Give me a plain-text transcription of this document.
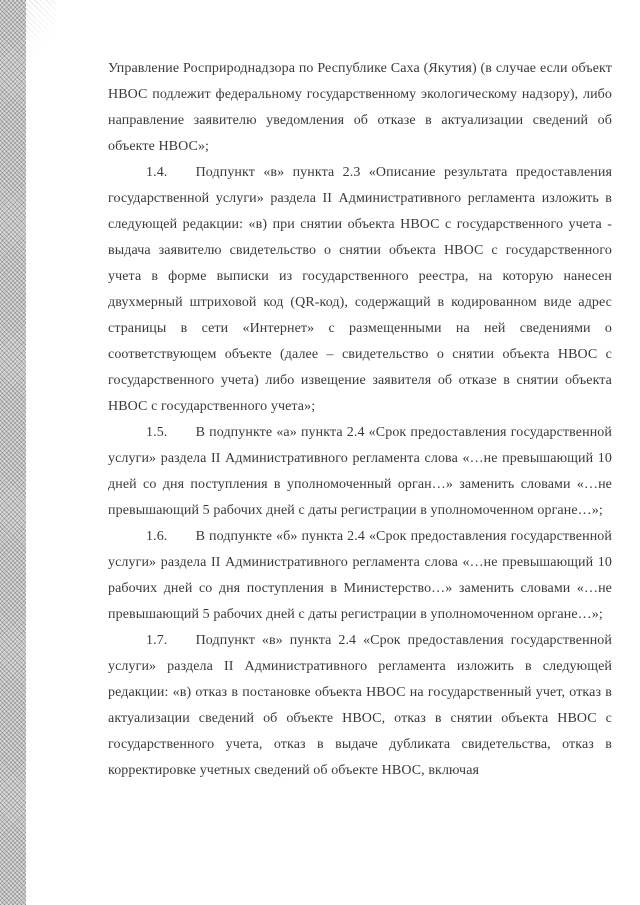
Управление Росприроднадзора по Республике Саха (Якутия) (в случае если объект НВОС подлежит федеральному государственному экологическому надзору), либо направление заявителю уведомления об отказе в актуализации сведений об объекте НВОС»;

1.4.  Подпункт «в» пункта 2.3 «Описание результата предоставления государственной услуги» раздела II Административного регламента изложить в следующей редакции: «в) при снятии объекта НВОС с государственного учета - выдача заявителю свидетельство о снятии объекта НВОС с государственного учета в форме выписки из государственного реестра, на которую нанесен двухмерный штриховой код (QR-код), содержащий в кодированном виде адрес страницы в сети «Интернет» с размещенными на ней сведениями о соответствующем объекте (далее – свидетельство о снятии объекта НВОС с государственного учета) либо извещение заявителя об отказе в снятии объекта НВОС с государственного учета»;

1.5.  В подпункте «а» пункта 2.4 «Срок предоставления государственной услуги» раздела II Административного регламента слова «…не превышающий 10 дней со дня поступления в уполномоченный орган…» заменить словами «…не превышающий 5 рабочих дней с даты регистрации в уполномоченном органе…»;

1.6.  В подпункте «б» пункта 2.4 «Срок предоставления государственной услуги» раздела II Административного регламента слова «…не превышающий 10 рабочих дней со дня поступления в Министерство…» заменить словами «…не превышающий 5 рабочих дней с даты регистрации в уполномоченном органе…»;

1.7.  Подпункт «в» пункта 2.4 «Срок предоставления государственной услуги» раздела II Административного регламента изложить в следующей редакции: «в) отказ в постановке объекта НВОС на государственный учет, отказ в актуализации сведений об объекте НВОС, отказ в снятии объекта НВОС с государственного учета, отказ в выдаче дубликата свидетельства, отказ в корректировке учетных сведений об объекте НВОС, включая
